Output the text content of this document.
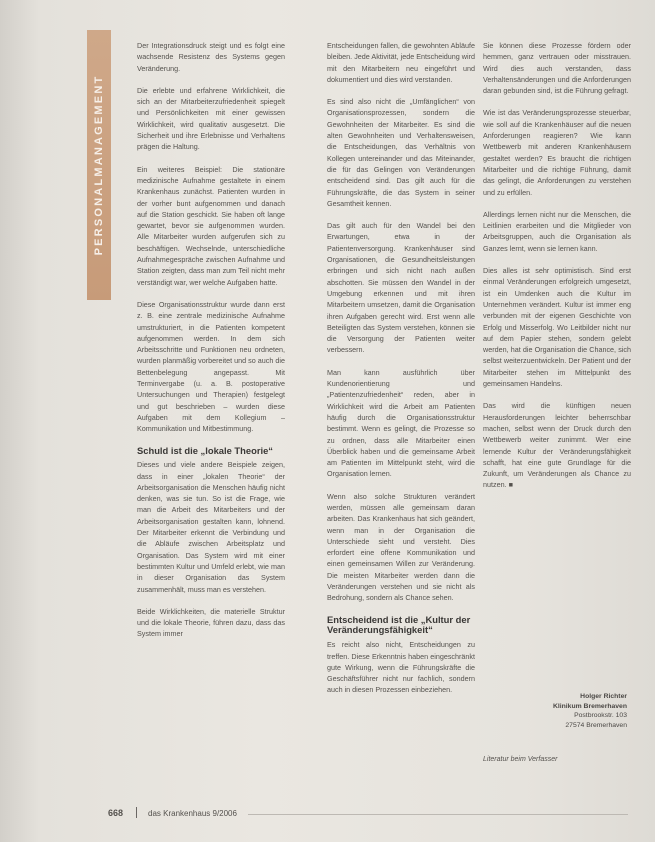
PERSONALMANAGEMENT

Der Integrationsdruck steigt und es folgt eine wachsende Resistenz des Systems gegen Veränderung.

Die erlebte und erfahrene Wirklichkeit, die sich an der Mitarbeiterzufriedenheit spiegelt und Persönlichkeiten mit einer gewissen Wirklichkeit, wird qualitativ ausgesetzt. Die Sicherheit und ihre Erlebnisse und Verhaltens prägen die Haltung.

Ein weiteres Beispiel: Die stationäre medizinische Aufnahme gestaltete in einem Krankenhaus zunächst. Patienten wurden in der vorher bunt aufgenommen und danach auf die Station geschickt. Sie haben oft lange gewartet, bevor sie aufgenommen wurden. Alle Mitarbeiter wurden aufgerufen sich zu beschäftigen. Wechselnde, unterschiedliche Aufnahmegespräche zwischen Aufnahme und Station zeigten, dass man zum Teil nicht mehr verständigt war, wer welche Aufgaben hatte.

Diese Organisationsstruktur wurde dann erst z. B. eine zentrale medizinische Aufnahme umstrukturiert, in die Patienten kompetent aufgenommen werden. In dem sich Arbeitsschritte und Funktionen neu ordneten, wurden planmäßig vorbereitet und so auch die Bettenbelegung angepasst. Mit Terminvergabe (u. a. B. postoperative Untersuchungen und Therapien) festgelegt und gut beschrieben – wurden diese Aufgaben mit dem Kollegium – Kommunikation und Mitbestimmung.

Schuld ist die „lokale Theorie“

Dieses und viele andere Beispiele zeigen, dass in einer „lokalen Theorie“ der Arbeitsorganisation die Menschen häufig nicht denken, was sie tun. So ist die Frage, wie man die Arbeit des Mitarbeiters und der Arbeitsorganisation gestalten kann, lohnend. Der Mitarbeiter erkennt die Verbindung und die Abläufe zwischen Arbeitsplatz und Organisation. Das System wird mit einer bestimmten Kultur und Umfeld erlebt, wie man in dieser Organisation das System zusammenhält, muss man es verstehen.

Beide Wirklichkeiten, die materielle Struktur und die lokale Theorie, führen dazu, dass das System immer

Entscheidungen fallen, die gewohnten Abläufe bleiben. Jede Aktivität, jede Entscheidung wird mit den Mitarbeitern neu eingeführt und dokumentiert und dies wird verstanden.

Es sind also nicht die „Umfänglichen“ von Organisationsprozessen, sondern die Gewohnheiten der Mitarbeiter. Es sind die alten Gewohnheiten und Verhaltensweisen, die Entscheidungen, das Verhältnis von Kollegen untereinander und das Miteinander, die für das Gelingen von Veränderungen entscheidend sind. Das gilt auch für die Führungskräfte, die das System in seiner Gesamtheit kennen.

Das gilt auch für den Wandel bei den Erwartungen, etwa in der Patientenversorgung. Krankenhäuser sind Organisationen, die Gesundheitsleistungen erbringen und sich nicht nach außen abschotten. Sie müssen den Wandel in der Umgebung erkennen und mit ihren Mitarbeitern umsetzen, damit die Organisation ihren Aufgaben gerecht wird. Erst wenn alle Beteiligten das System verstehen, können sie die Versorgung der Patienten weiter verbessern.

Man kann ausführlich über Kundenorientierung und „Patientenzufriedenheit“ reden, aber in Wirklichkeit wird die Arbeit am Patienten häufig durch die Organisationsstruktur bestimmt. Wenn es gelingt, die Prozesse so zu ordnen, dass alle Mitarbeiter einen Überblick haben und die gemeinsame Arbeit am Patienten im Mittelpunkt steht, wird die Organisation lernen.

Wenn also solche Strukturen verändert werden, müssen alle gemeinsam daran arbeiten. Das Krankenhaus hat sich geändert, wenn man in der Organisation die Unterschiede sieht und versteht. Dies erfordert eine offene Kommunikation und einen gemeinsamen Willen zur Veränderung. Die meisten Mitarbeiter werden dann die Veränderungen verstehen und sie nicht als Bedrohung, sondern als Chance sehen.

Entscheidend ist die „Kultur der Veränderungsfähigkeit“

Es reicht also nicht, Entscheidungen zu treffen. Diese Erkenntnis haben eingeschränkt gute Wirkung, wenn die Führungskräfte die Geschäftsführer nicht nur fachlich, sondern auch in diesen Prozessen einbeziehen.

Sie können diese Prozesse fördern oder hemmen, ganz vertrauen oder misstrauen. Wird dies auch verstanden, dass Verhaltensänderungen und die Anforderungen daran gebunden sind, ist die Führung gefragt.

Wie ist das Veränderungsprozesse steuerbar, wie soll auf die Krankenhäuser auf die neuen Anforderungen reagieren? Wie kann Wettbewerb mit anderen Krankenhäusern gestaltet werden? Es braucht die richtigen Mitarbeiter und die richtige Führung, damit das gelingt, die Anforderungen zu verstehen und zu erfüllen.

Allerdings lernen nicht nur die Menschen, die Leitlinien erarbeiten und die Mitglieder von Arbeitsgruppen, auch die Organisation als Ganzes lernt, wenn sie lernen kann.

Dies alles ist sehr optimistisch. Sind erst einmal Veränderungen erfolgreich umgesetzt, ist ein Umdenken auch die Kultur im Unternehmen verändert. Kultur ist immer eng verbunden mit der eigenen Geschichte von Erfolg und Misserfolg. Wo Leitbilder nicht nur auf dem Papier stehen, sondern gelebt werden, hat die Organisation die Chance, sich selbst weiterzuentwickeln. Der Patient und der Mitarbeiter stehen im Mittelpunkt des gemeinsamen Handelns.

Das wird die künftigen neuen Herausforderungen leichter beherrschbar machen, selbst wenn der Druck durch den Wettbewerb weiter zunimmt. Wer eine lernende Kultur der Veränderungsfähigkeit schafft, hat eine gute Grundlage für die Zukunft, um Veränderungen als Chance zu nutzen. ■

Holger Richter
Klinikum Bremerhaven
Postbrookstr. 103
27574 Bremerhaven
Literatur beim Verfasser
668	das Krankenhaus 9/2006
